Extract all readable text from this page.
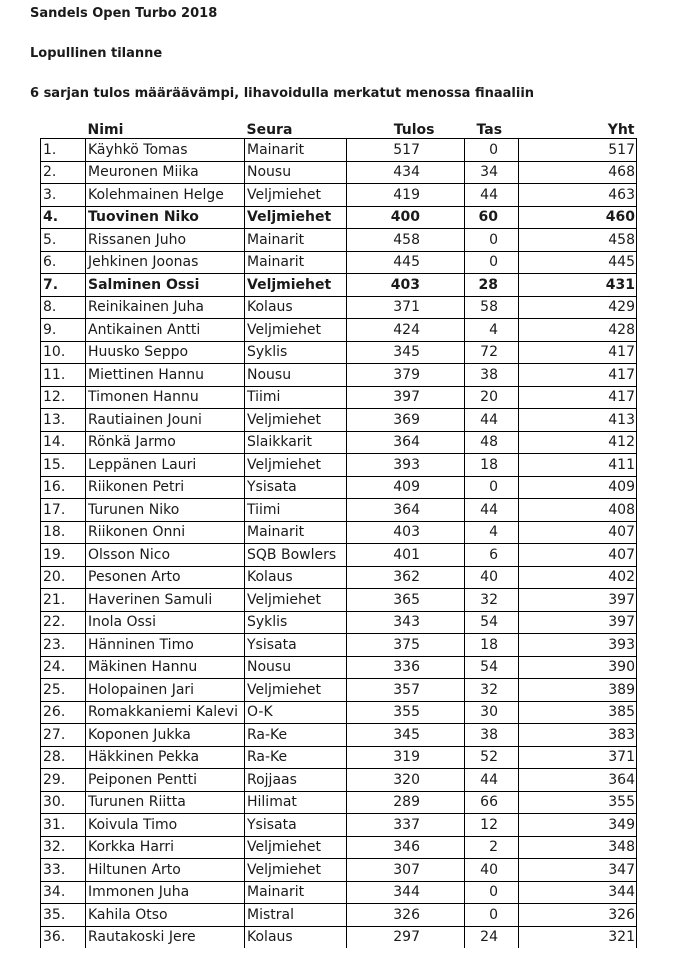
Sandels Open Turbo 2018
Lopullinen tilanne
6 sarjan tulos määräävämpi, lihavoidulla merkatut menossa finaaliin
	Nimi	Seura	Tulos	Tas	Yht
1.	Käyhkö Tomas	Mainarit	517	0	517
2.	Meuronen Miika	Nousu	434	34	468
3.	Kolehmainen Helge	Veljmiehet	419	44	463
4.	Tuovinen Niko	Veljmiehet	400	60	460
5.	Rissanen Juho	Mainarit	458	0	458
6.	Jehkinen Joonas	Mainarit	445	0	445
7.	Salminen Ossi	Veljmiehet	403	28	431
8.	Reinikainen Juha	Kolaus	371	58	429
9.	Antikainen Antti	Veljmiehet	424	4	428
10.	Huusko Seppo	Syklis	345	72	417
11.	Miettinen Hannu	Nousu	379	38	417
12.	Timonen Hannu	Tiimi	397	20	417
13.	Rautiainen Jouni	Veljmiehet	369	44	413
14.	Rönkä Jarmo	Slaikkarit	364	48	412
15.	Leppänen Lauri	Veljmiehet	393	18	411
16.	Riikonen Petri	Ysisata	409	0	409
17.	Turunen Niko	Tiimi	364	44	408
18.	Riikonen Onni	Mainarit	403	4	407
19.	Olsson Nico	SQB Bowlers	401	6	407
20.	Pesonen Arto	Kolaus	362	40	402
21.	Haverinen Samuli	Veljmiehet	365	32	397
22.	Inola Ossi	Syklis	343	54	397
23.	Hänninen Timo	Ysisata	375	18	393
24.	Mäkinen Hannu	Nousu	336	54	390
25.	Holopainen Jari	Veljmiehet	357	32	389
26.	Romakkaniemi Kalevi	O-K	355	30	385
27.	Koponen Jukka	Ra-Ke	345	38	383
28.	Häkkinen Pekka	Ra-Ke	319	52	371
29.	Peiponen Pentti	Rojjaas	320	44	364
30.	Turunen Riitta	Hilimat	289	66	355
31.	Koivula Timo	Ysisata	337	12	349
32.	Korkka Harri	Veljmiehet	346	2	348
33.	Hiltunen Arto	Veljmiehet	307	40	347
34.	Immonen Juha	Mainarit	344	0	344
35.	Kahila Otso	Mistral	326	0	326
36.	Rautakoski Jere	Kolaus	297	24	321
